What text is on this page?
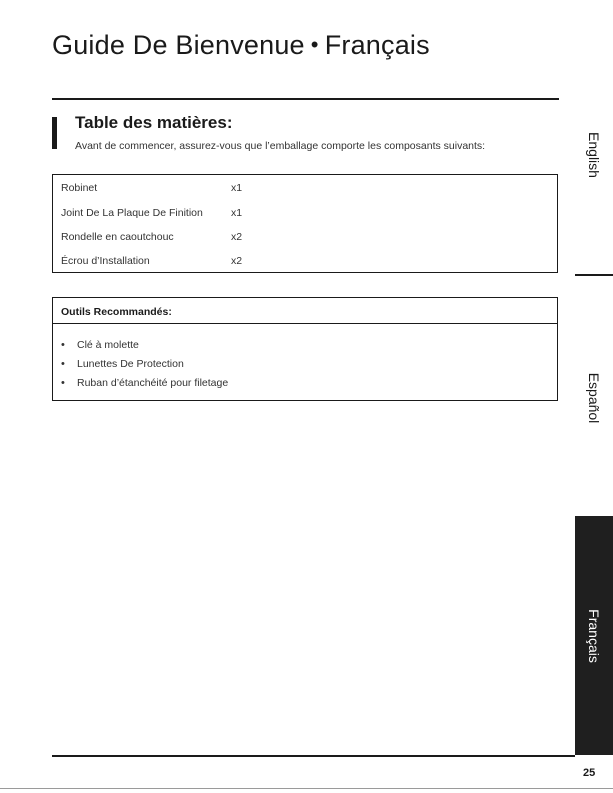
Guide De Bienvenue • Français
Table des matières:
Avant de commencer, assurez-vous que l’emballage comporte les composants suivants:
Robinet	x1
Joint De La Plaque De Finition	x1
Rondelle en caoutchouc	x2
Écrou d’Installation	x2
Outils Recommandés:
• Clé à molette
• Lunettes De Protection
• Ruban d’étanchéité pour filetage
English
Español
Français
25
